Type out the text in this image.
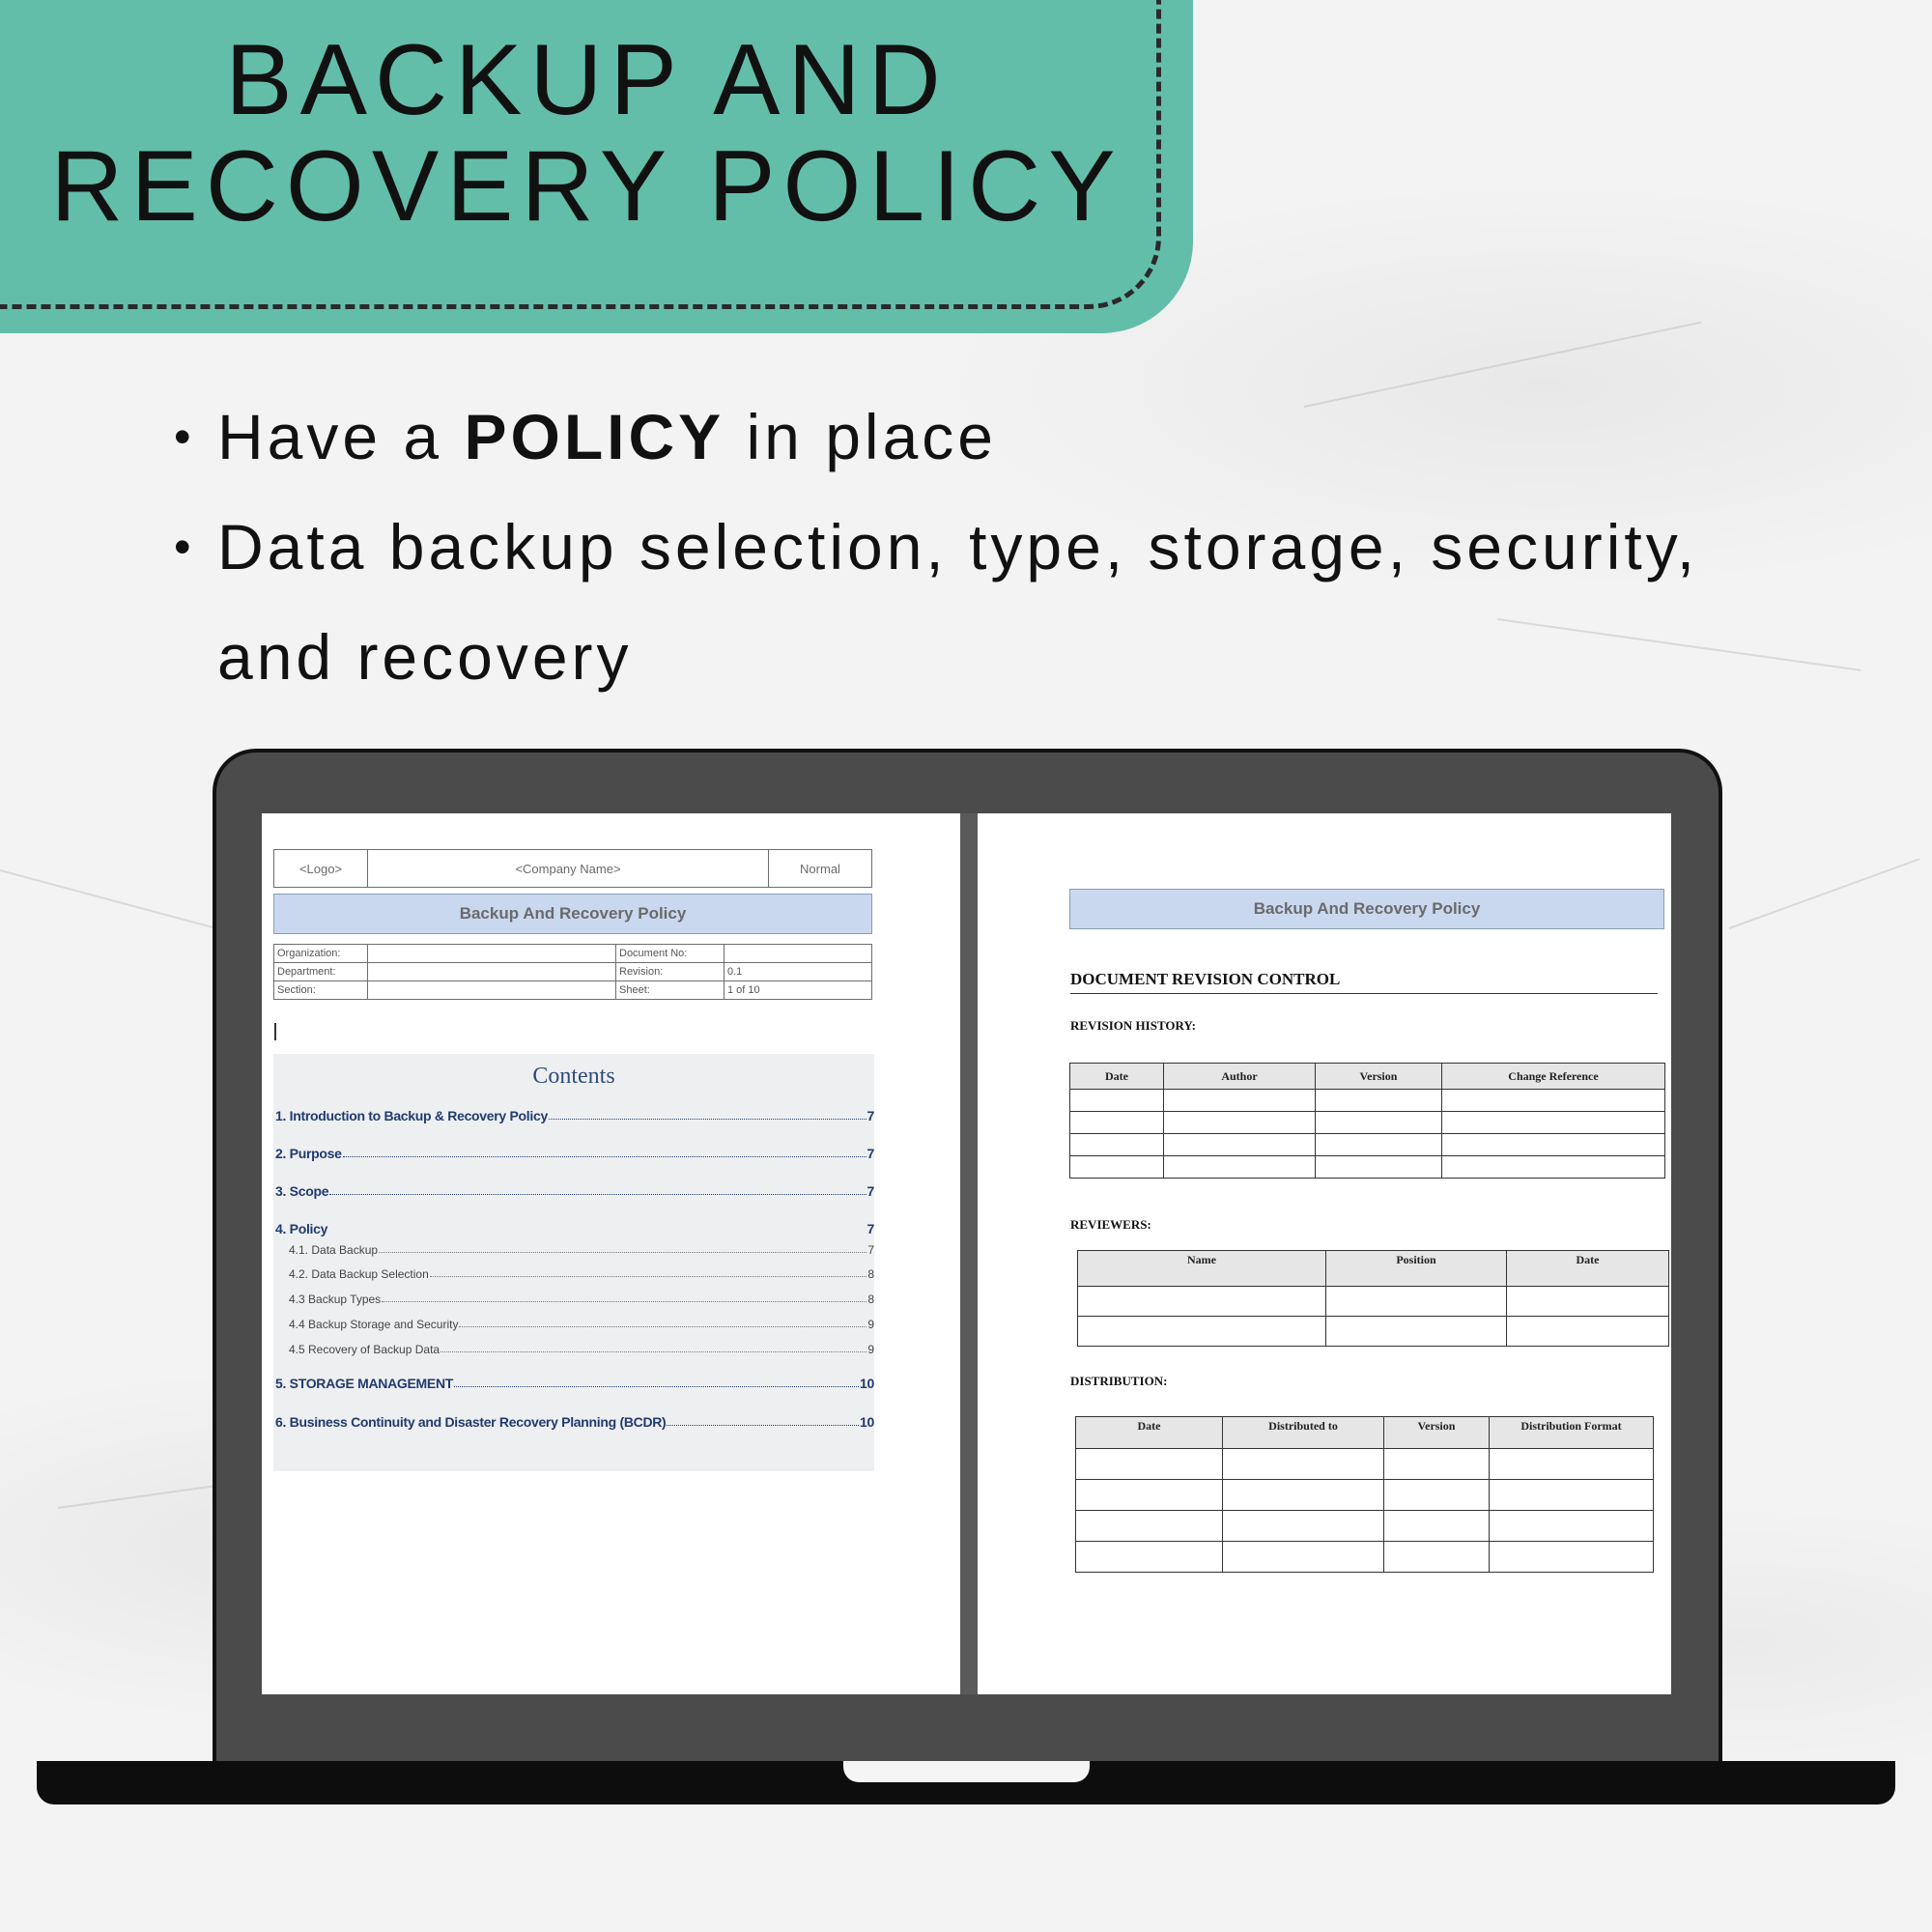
BACKUP AND
RECOVERY POLICY
• Have a POLICY in place
• Data backup selection, type, storage, security, and recovery
<Logo>	<Company Name>	Normal
Backup And Recovery Policy
Organization:		Document No:	
Department:		Revision:	0.1
Section:		Sheet:	1 of 10
Contents
1. Introduction to Backup & Recovery Policy	7
2. Purpose	7
3. Scope	7
4. Policy	7
4.1. Data Backup	7
4.2. Data Backup Selection	8
4.3 Backup Types	8
4.4 Backup Storage and Security	9
4.5 Recovery of Backup Data	9
5. STORAGE MANAGEMENT	10
6. Business Continuity and Disaster Recovery Planning (BCDR)	10
Backup And Recovery Policy
DOCUMENT REVISION CONTROL
REVISION HISTORY:
Date	Author	Version	Change Reference

REVIEWERS:
Name	Position	Date

DISTRIBUTION:
Date	Distributed to	Version	Distribution Format
